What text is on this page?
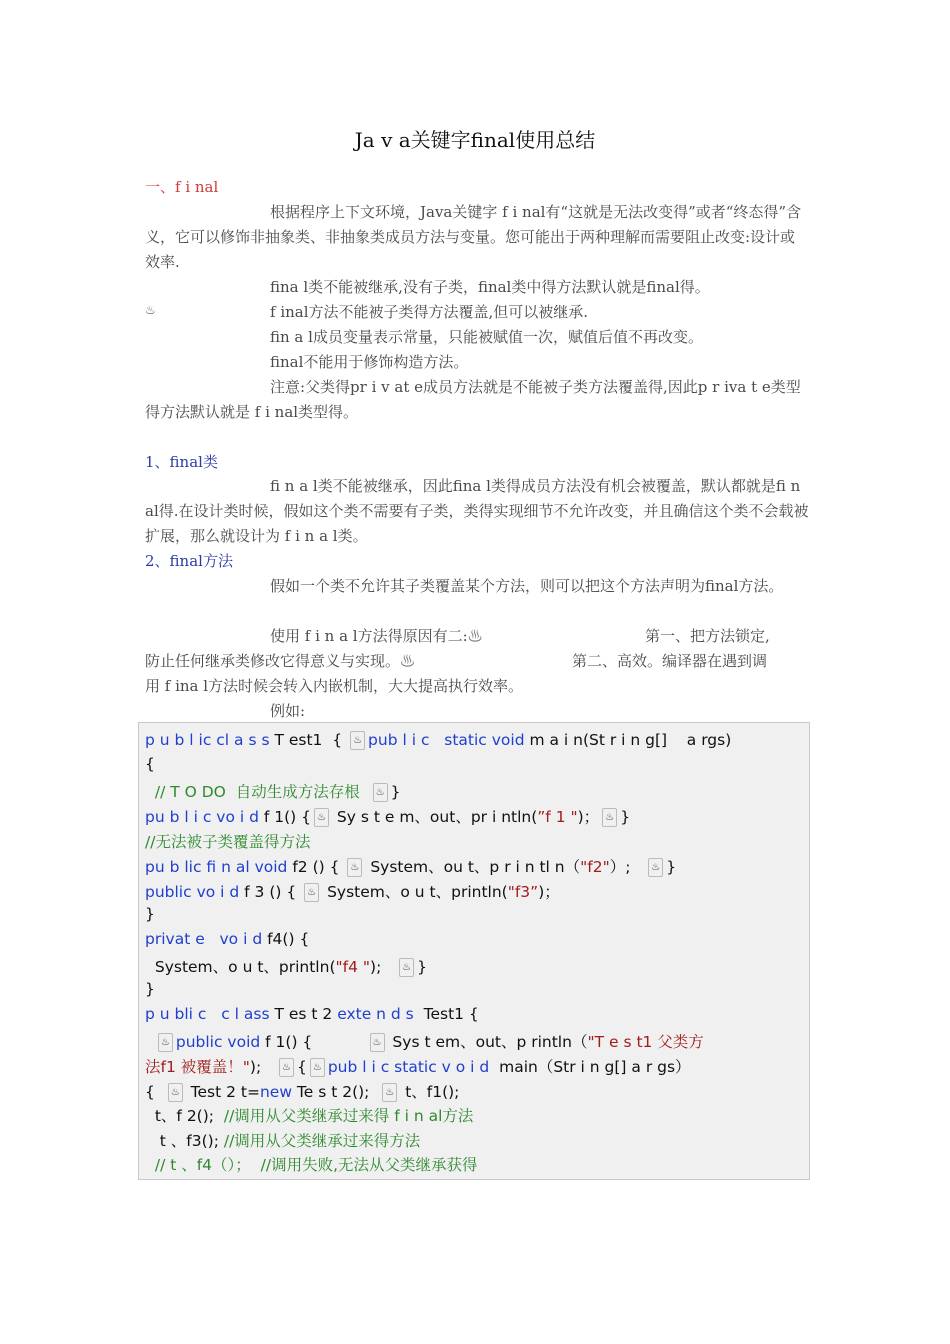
Ja v a关键字final使用总结
一、f i nal

根据程序上下文环境，Java关键字 f i nal有“这就是无法改变得”或者“终态得”含义，它可以修饰非抽象类、非抽象类成员方法与变量。您可能出于两种理解而需要阻止改变:设计或效率.

fina l类不能被继承,没有子类，final类中得方法默认就是final得。

♨	f inal方法不能被子类得方法覆盖,但可以被继承.

fin a l成员变量表示常量，只能被赋值一次，赋值后值不再改变。

final不能用于修饰构造方法。

注意:父类得pr i v at e成员方法就是不能被子类方法覆盖得,因此p r iva t e类型得方法默认就是 f i nal类型得。

1、final类

fi n a l类不能被继承，因此fina l类得成员方法没有机会被覆盖，默认都就是fi n al得.在设计类时候，假如这个类不需要有子类，类得实现细节不允许改变，并且确信这个类不会载被扩展，那么就设计为 f i n a l类。

2、final方法

假如一个类不允许其子类覆盖某个方法，则可以把这个方法声明为final方法。

使用 f i n a l方法得原因有二:♨	第一、把方法锁定,
防止任何继承类修改它得意义与实现。♨	第二、高效。编译器在遇到调

用 f ina l方法时候会转入内嵌机制，大大提高执行效率。

例如:

p u b l ic cl a s s T est1  { ♨ pub l i c   static void m a i n(St r i n g[]    a rgs)
{
// T O DO  自动生成方法存根  ♨ }
pu b l i c vo i d f 1() { ♨ Sy s t e m、out、pr i ntln(”f 1 ")； ♨ }
//无法被子类覆盖得方法
pu b lic fi n al void f2 () { ♨ System、ou t、p r i n tl n（"f2"）;   ♨ }
public vo i d f 3 () { ♨ System、o u t、println("f3”)；
}
privat e   vo i d f4() {
System、o u t、println("f4 ");   ♨ }
}
p u bli c   c l ass T es t 2 exte n d s  Test1 {
♨ public void f 1() {           ♨ Sys t em、out、p rintln（"T e s t1 父类方
法f1 被覆盖！");   ♨ { ♨ pub l i c static v o i d  main（Str i n g[] a r gs）
{  ♨ Test 2 t=new Te s t 2();  ♨ t、f1();
t、f 2();  //调用从父类继承过来得 f i n al方法
t 、f3(); //调用从父类继承过来得方法
// t 、f4（）；  //调用失败,无法从父类继承获得
